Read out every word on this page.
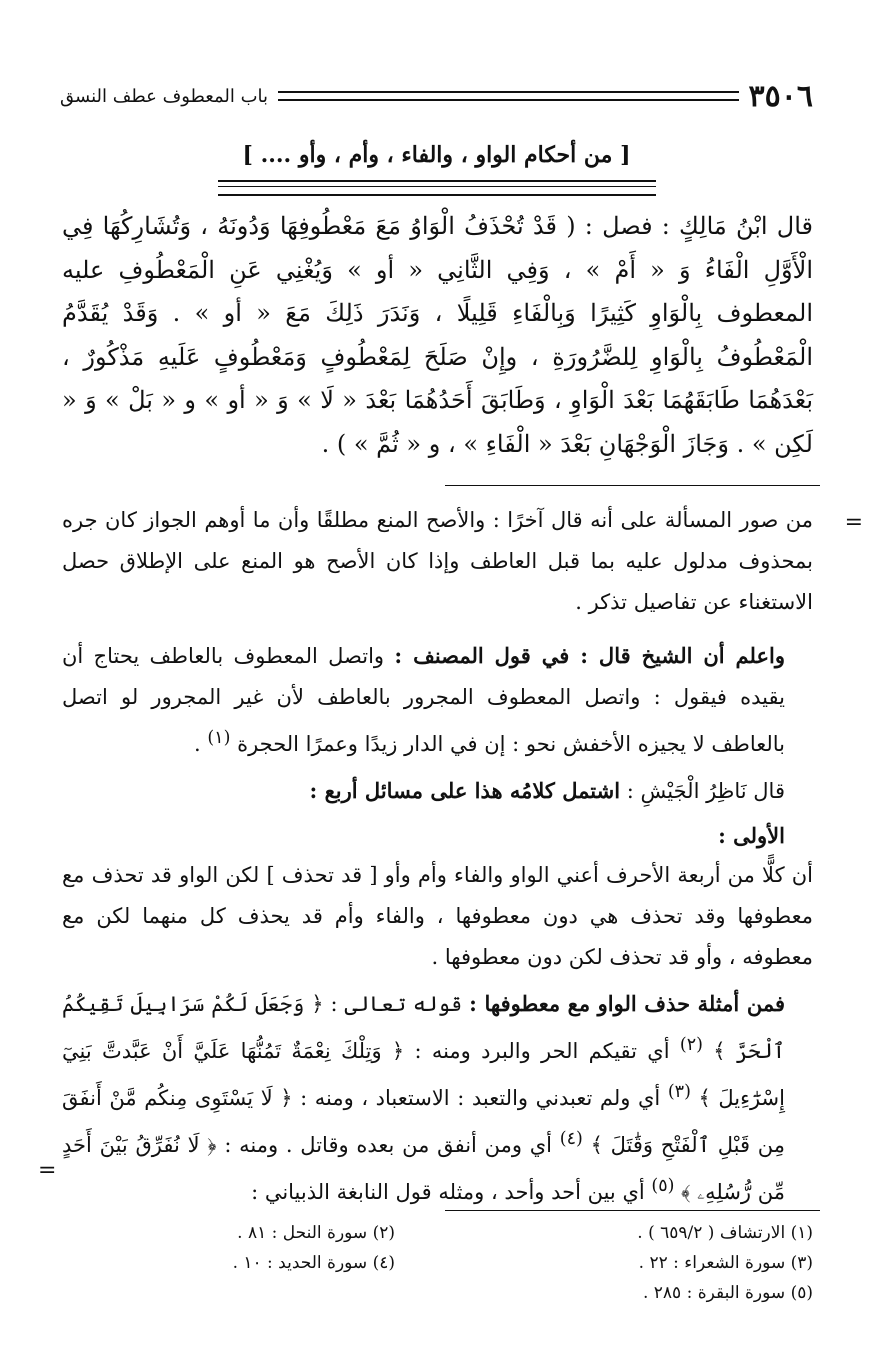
٣٥٠٦
باب المعطوف عطف النسق
[ من أحكام الواو ، والفاء ، وأم ، وأو .... ]
قال ابْنُ مَالِكٍ : فصل : ( قَدْ تُحْذَفُ الْوَاوُ مَعَ مَعْطُوفِهَا وَدُونَهُ ، وَتُشَارِكُهَا فِي الْأَوَّلِ الْفَاءُ وَ « أَمْ » ، وَفِي الثَّانِي « أو » وَيُغْنِي عَنِ الْمَعْطُوفِ عليه المعطوف بِالْوَاوِ كَثِيرًا وَبِالْفَاءِ قَلِيلًا ، وَنَدَرَ ذَلِكَ مَعَ « أو » . وَقَدْ يُقَدَّمُ الْمَعْطُوفُ بِالْوَاوِ لِلضَّرُورَةِ ، وإِنْ صَلَحَ لِمَعْطُوفٍ وَمَعْطُوفٍ عَلَيهِ مَذْكُورٌ ، بَعْدَهُمَا طَابَقَهُمَا بَعْدَ الْوَاوِ ، وَطَابَقَ أَحَدُهُمَا بَعْدَ « لَا » وَ « أو » و « بَلْ » وَ « لَكِن » . وَجَازَ الْوَجْهَانِ بَعْدَ « الْفَاءِ » ، و « ثُمَّ » ) .
=

من صور المسألة على أنه قال آخرًا : والأصح المنع مطلقًا وأن ما أوهم الجواز كان جره بمحذوف مدلول عليه بما قبل العاطف وإذا كان الأصح هو المنع على الإطلاق حصل الاستغناء عن تفاصيل تذكر .

واعلم أن الشيخ قال : في قول المصنف : واتصل المعطوف بالعاطف يحتاج أن يقيده فيقول : واتصل المعطوف المجرور بالعاطف لأن غير المجرور لو اتصل بالعاطف لا يجيزه الأخفش نحو : إن في الدار زيدًا وعمرًا الحجرة $^{(١)}$ .

قال نَاظِرُ الْجَيْشِ : اشتمل كلامُه هذا على مسائل أربع :

الأولى :

أن كلًّا من أربعة الأحرف أعني الواو والفاء وأم وأو [ قد تحذف ] لكن الواو قد تحذف مع معطوفها وقد تحذف هي دون معطوفها ، والفاء وأم قد يحذف كل منهما لكن مع معطوفه ، وأو قد تحذف لكن دون معطوفها .

فمن أمثلة حذف الواو مع معطوفها : قوله تعالى : ﴿ وَجَعَلَ لَكُمْ سَرَابِيلَ تَقِيكُمُ ٱلْحَرَّ ﴾ $^{(٢)}$ أي تقيكم الحر والبرد ومنه : ﴿ وَتِلْكَ نِعْمَةٌ تَمُنُّهَا عَلَيَّ أَنْ عَبَّدتَّ بَنِيٓ إِسْرَٰٓءِيلَ ﴾ $^{(٣)}$ أي ولم تعبدني والتعبد : الاستعباد ، ومنه : ﴿ لَا يَسْتَوِى مِنكُم مَّنْ أَنفَقَ مِن قَبْلِ ٱلْفَتْحِ وَقَٰتَلَ ﴾ $^{(٤)}$ أي ومن أنفق من بعده وقاتل . ومنه : ﴿ لَا نُفَرِّقُ بَيْنَ أَحَدٍ مِّن رُّسُلِهِۦ ﴾ $^{(٥)}$ أي بين أحد وأحد ، ومثله قول النابغة الذبياني :

=
(١) الارتشاف ( ٦٥٩/٢ ) .
(٢) سورة النحل : ٨١ .
(٣) سورة الشعراء : ٢٢ .
(٤) سورة الحديد : ١٠ .
(٥) سورة البقرة : ٢٨٥ .
